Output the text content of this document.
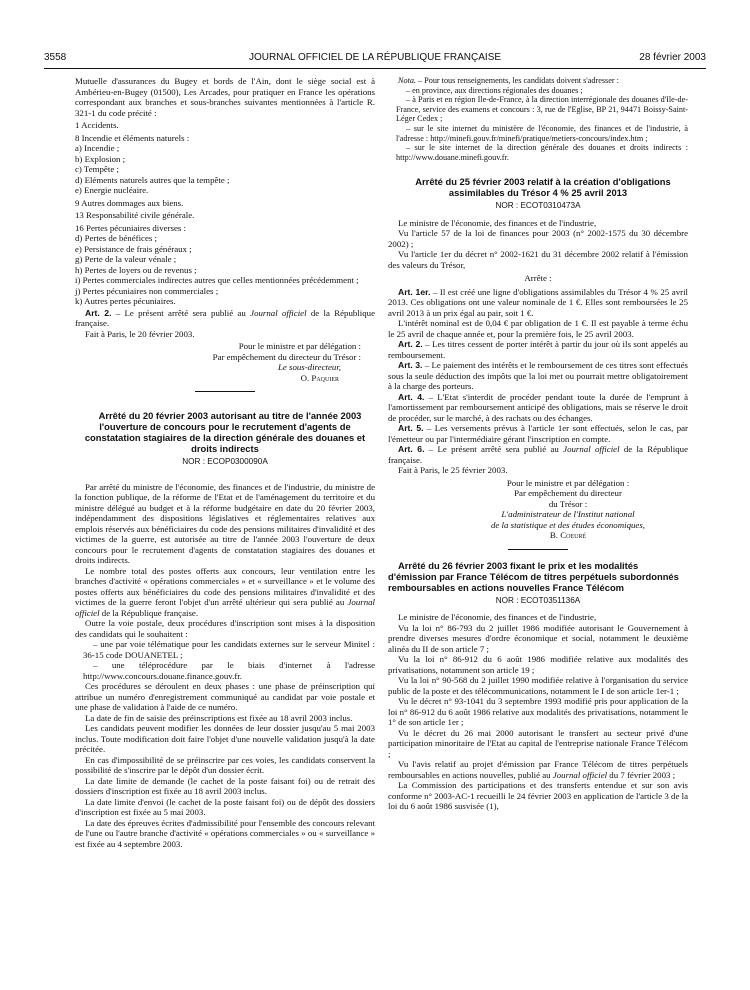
3558	JOURNAL OFFICIEL DE LA RÉPUBLIQUE FRANÇAISE	28 février 2003

Mutuelle d'assurances du Bugey et bords de l'Ain, dont le siège social est à Ambérieu-en-Bugey (01500), Les Arcades, pour pratiquer en France les opérations correspondant aux branches et sous-branches suivantes mentionnées à l'article R. 321-1 du code précité :

1 Accidents.
8 Incendie et éléments naturels :
a) Incendie ;
b) Explosion ;
c) Tempête ;
d) Eléments naturels autres que la tempête ;
e) Energie nucléaire.
9 Autres dommages aux biens.
13 Responsabilité civile générale.
16 Pertes pécuniaires diverses :
d) Pertes de bénéfices ;
e) Persistance de frais généraux ;
g) Perte de la valeur vénale ;
h) Pertes de loyers ou de revenus ;
i) Pertes commerciales indirectes autres que celles mentionnées précédemment ;
j) Pertes pécuniaires non commerciales ;
k) Autres pertes pécuniaires.

Art. 2. – Le présent arrêté sera publié au Journal officiel de la République française.

Fait à Paris, le 20 février 2003.

Pour le ministre et par délégation :
Par empêchement du directeur du Trésor :
Le sous-directeur,
O. Paquier

Arrêté du 20 février 2003 autorisant au titre de l'année 2003 l'ouverture de concours pour le recrutement d'agents de constatation stagiaires de la direction générale des douanes et droits indirects

NOR : ECOP0300090A

Par arrêté du ministre de l'économie, des finances et de l'industrie, du ministre de la fonction publique, de la réforme de l'Etat et de l'aménagement du territoire et du ministre délégué au budget et à la réforme budgétaire en date du 20 février 2003, indépendamment des dispositions législatives et réglementaires relatives aux emplois réservés aux bénéficiaires du code des pensions militaires d'invalidité et des victimes de la guerre, est autorisée au titre de l'année 2003 l'ouverture de deux concours pour le recrutement d'agents de constatation stagiaires des douanes et droits indirects.

Le nombre total des postes offerts aux concours, leur ventilation entre les branches d'activité « opérations commerciales » et « surveillance » et le volume des postes offerts aux bénéficiaires du code des pensions militaires d'invalidité et des victimes de la guerre feront l'objet d'un arrêté ultérieur qui sera publié au Journal officiel de la République française.

Outre la voie postale, deux procédures d'inscription sont mises à la disposition des candidats qui le souhaitent :

– une par voie télématique pour les candidats externes sur le serveur Minitel : 36-15 code DOUANETEL ;

– une téléprocédure par le biais d'internet à l'adresse http://www.concours.douane.finance.gouv.fr.

Ces procédures se déroulent en deux phases : une phase de préinscription qui attribue un numéro d'enregistrement communiqué au candidat par voie postale et une phase de validation à l'aide de ce numéro.

La date de fin de saisie des préinscriptions est fixée au 18 avril 2003 inclus.

Les candidats peuvent modifier les données de leur dossier jusqu'au 5 mai 2003 inclus. Toute modification doit faire l'objet d'une nouvelle validation jusqu'à la date précitée.

En cas d'impossibilité de se préinscrire par ces voies, les candidats conservent la possibilité de s'inscrire par le dépôt d'un dossier écrit.

La date limite de demande (le cachet de la poste faisant foi) ou de retrait des dossiers d'inscription est fixée au 18 avril 2003 inclus.

La date limite d'envoi (le cachet de la poste faisant foi) ou de dépôt des dossiers d'inscription est fixée au 5 mai 2003.

La date des épreuves écrites d'admissibilité pour l'ensemble des concours relevant de l'une ou l'autre branche d'activité « opérations commerciales » ou « surveillance » est fixée au 4 septembre 2003.

Nota. – Pour tous renseignements, les candidats doivent s'adresser :

– en province, aux directions régionales des douanes ;

– à Paris et en région Ile-de-France, à la direction interrégionale des douanes d'Ile-de-France, service des examens et concours : 3, rue de l'Eglise, BP 21, 94471 Boissy-Saint-Léger Cedex ;

– sur le site internet du ministère de l'économie, des finances et de l'industrie, à l'adresse : http://minefi.gouv.fr/minefi/pratique/metiers-concours/index.htm ;

– sur le site internet de la direction générale des douanes et droits indirects : http://www.douane.minefi.gouv.fr.

Arrêté du 25 février 2003 relatif à la création d'obligations assimilables du Trésor 4 % 25 avril 2013

NOR : ECOT0310473A

Le ministre de l'économie, des finances et de l'industrie,

Vu l'article 57 de la loi de finances pour 2003 (n° 2002-1575 du 30 décembre 2002) ;

Vu l'article 1er du décret n° 2002-1621 du 31 décembre 2002 relatif à l'émission des valeurs du Trésor,

Arrête :

Art. 1er. – Il est créé une ligne d'obligations assimilables du Trésor 4 % 25 avril 2013. Ces obligations ont une valeur nominale de 1 €. Elles sont remboursées le 25 avril 2013 à un prix égal au pair, soit 1 €.

L'intérêt nominal est de 0,04 € par obligation de 1 €. Il est payable à terme échu le 25 avril de chaque année et, pour la première fois, le 25 avril 2003.

Art. 2. – Les titres cessent de porter intérêt à partir du jour où ils sont appelés au remboursement.

Art. 3. – Le paiement des intérêts et le remboursement de ces titres sont effectués sous la seule déduction des impôts que la loi met ou pourrait mettre obligatoirement à la charge des porteurs.

Art. 4. – L'Etat s'interdit de procéder pendant toute la durée de l'emprunt à l'amortissement par remboursement anticipé des obligations, mais se réserve le droit de procéder, sur le marché, à des rachats ou des échanges.

Art. 5. – Les versements prévus à l'article 1er sont effectués, selon le cas, par l'émetteur ou par l'intermédiaire gérant l'inscription en compte.

Art. 6. – Le présent arrêté sera publié au Journal officiel de la République française.

Fait à Paris, le 25 février 2003.

Pour le ministre et par délégation :
Par empêchement du directeur
du Trésor :
L'administrateur de l'Institut national
de la statistique et des études économiques,
B. Coeuré

Arrêté du 26 février 2003 fixant le prix et les modalités d'émission par France Télécom de titres perpétuels subordonnés remboursables en actions nouvelles France Télécom

NOR : ECOT0351136A

Le ministre de l'économie, des finances et de l'industrie,

Vu la loi n° 86-793 du 2 juillet 1986 modifiée autorisant le Gouvernement à prendre diverses mesures d'ordre économique et social, notamment le deuxième alinéa du II de son article 7 ;

Vu la loi n° 86-912 du 6 août 1986 modifiée relative aux modalités des privatisations, notamment son article 19 ;

Vu la loi n° 90-568 du 2 juillet 1990 modifiée relative à l'organisation du service public de la poste et des télécommunications, notamment le I de son article 1er-1 ;

Vu le décret n° 93-1041 du 3 septembre 1993 modifié pris pour application de la loi n° 86-912 du 6 août 1986 relative aux modalités des privatisations, notamment le 1° de son article 1er ;

Vu le décret du 26 mai 2000 autorisant le transfert au secteur privé d'une participation minoritaire de l'Etat au capital de l'entreprise nationale France Télécom ;

Vu l'avis relatif au projet d'émission par France Télécom de titres perpétuels remboursables en actions nouvelles, publié au Journal officiel du 7 février 2003 ;

La Commission des participations et des transferts entendue et sur son avis conforme n° 2003-AC-1 recueilli le 24 février 2003 en application de l'article 3 de la loi du 6 août 1986 susvisée (1),
